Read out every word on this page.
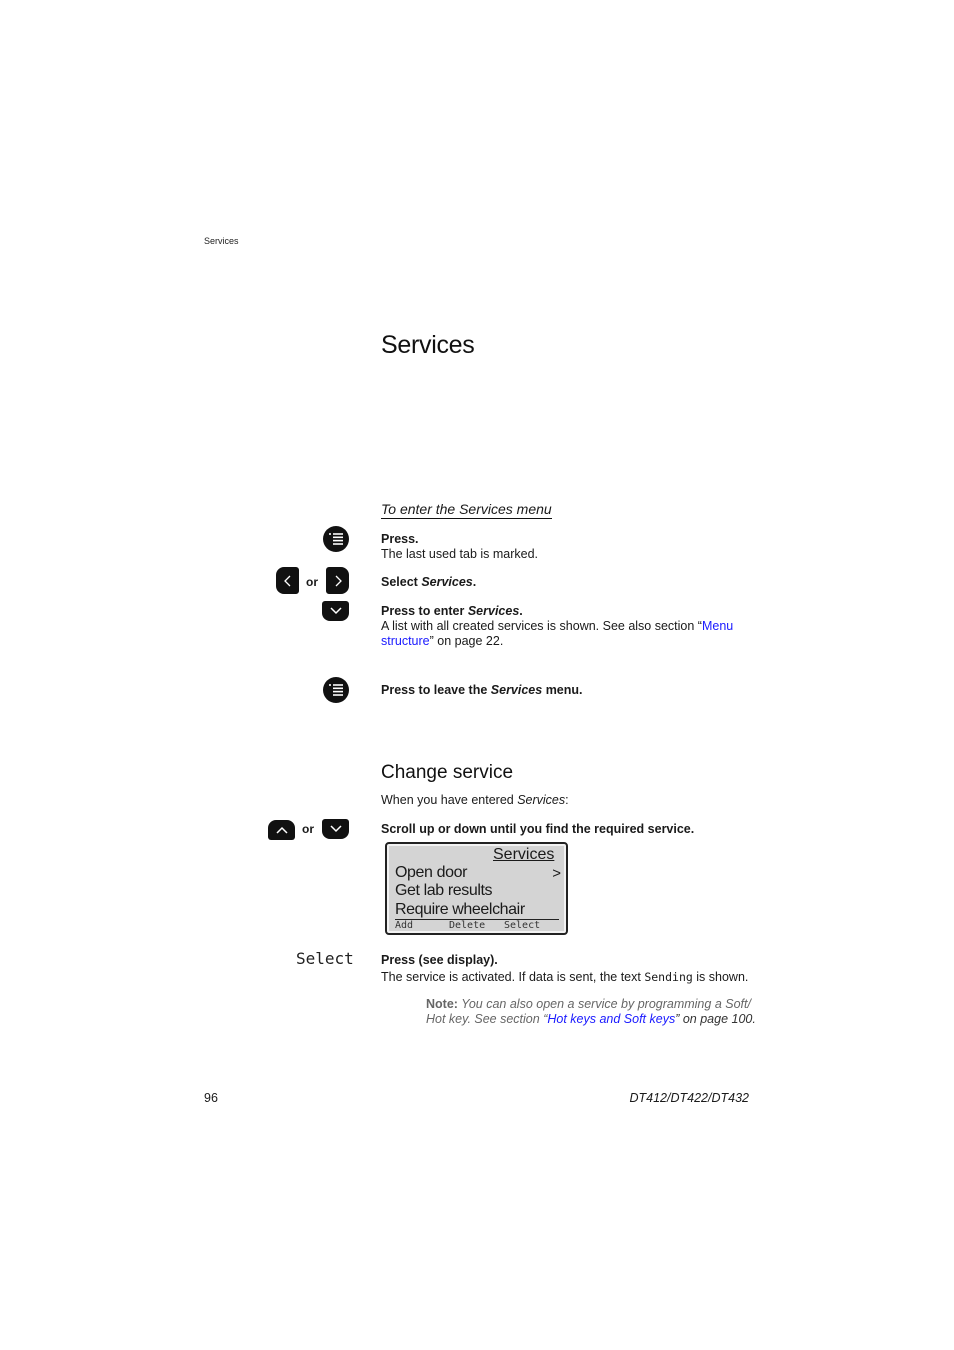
Services
Services
To enter the Services menu
Press.
The last used tab is marked.
or	Select Services.
Press to enter Services.
A list with all created services is shown. See also section “Menu
structure” on page 22.
Press to leave the Services menu.
Change service
When you have entered Services:
or	Scroll up or down until you find the required service.
Services
Open door	>
Get lab results
Require wheelchair
Add	Delete Select
Select Press (see display).
The service is activated. If data is sent, the text Sending is shown.
Note: You can also open a service by programming a Soft/
Hot key. See section “Hot keys and Soft keys” on page 100.
96	DT412/DT422/DT432
